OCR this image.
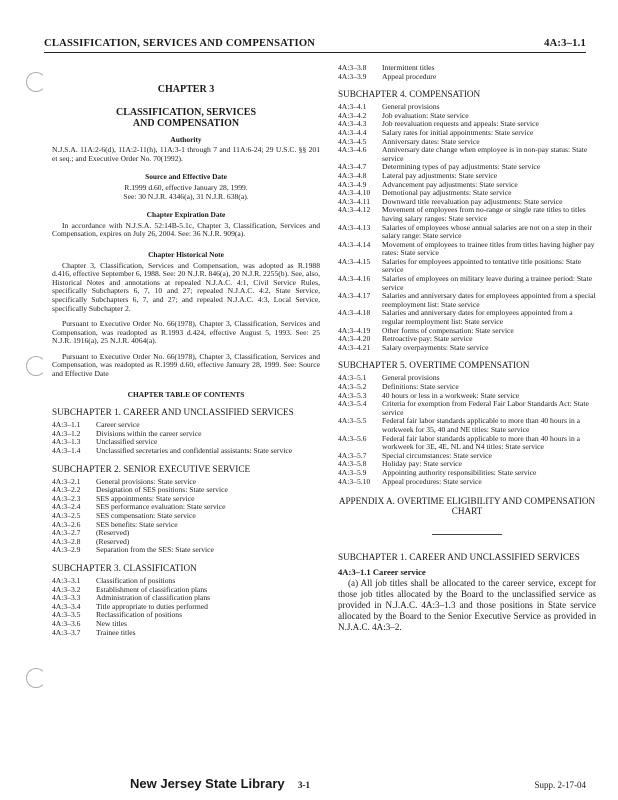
CLASSIFICATION, SERVICES AND COMPENSATION	4A:3–1.1
CHAPTER 3
CLASSIFICATION, SERVICES
AND COMPENSATION
Authority

N.J.S.A. 11A:2-6(d), 11A:2-11(h), 11A:3-1 through 7 and 11A:6-24; 29 U.S.C. §§ 201 et seq.; and Executive Order No. 70(1992).

Source and Effective Date
R.1999 d.60, effective January 28, 1999.
See: 30 N.J.R. 4346(a), 31 N.J.R. 638(a).
Chapter Expiration Date

In accordance with N.J.S.A. 52:14B-5.1c, Chapter 3, Classification, Services and Compensation, expires on July 26, 2004. See: 36 N.J.R. 909(a).

Chapter Historical Note

Chapter 3, Classification, Services and Compensation, was adopted as R.1988 d.416, effective September 6, 1988. See: 20 N.J.R. 846(a), 20 N.J.R. 2255(b). See, also, Historical Notes and annotations at repealed N.J.A.C. 4:1, Civil Service Rules, specifically Subchapters 6, 7, 10 and 27; repealed N.J.A.C. 4:2, State Service, specifically Subchapters 6, 7, and 27; and repealed N.J.A.C. 4:3, Local Service, specifically Subchapter 2.

Pursuant to Executive Order No. 66(1978), Chapter 3, Classification, Services and Compensation, was readopted as R.1993 d.424, effective August 5, 1993. See: 25 N.J.R. 1916(a), 25 N.J.R. 4064(a).

Pursuant to Executive Order No. 66(1978), Chapter 3, Classification, Services and Compensation, was readopted as R.1999 d.60, effective January 28, 1999. See: Source and Effective Date

CHAPTER TABLE OF CONTENTS
SUBCHAPTER 1. CAREER AND UNCLASSIFIED SERVICES
4A:3–1.1	Career service
4A:3–1.2	Divisions within the career service
4A:3–1.3	Unclassified service
4A:3–1.4	Unclassified secretaries and confidential assistants: State service
SUBCHAPTER 2. SENIOR EXECUTIVE SERVICE
4A:3–2.1	General provisions: State service
4A:3–2.2	Designation of SES positions: State service
4A:3–2.3	SES appointments: State service
4A:3–2.4	SES performance evaluation: State service
4A:3–2.5	SES compensation: State service
4A:3–2.6	SES benefits: State service
4A:3–2.7	(Reserved)
4A:3–2.8	(Reserved)
4A:3–2.9	Separation from the SES: State service
SUBCHAPTER 3. CLASSIFICATION
4A:3–3.1	Classification of positions
4A:3–3.2	Establishment of classification plans
4A:3–3.3	Administration of classification plans
4A:3–3.4	Title appropriate to duties performed
4A:3–3.5	Reclassification of positions
4A:3–3.6	New titles
4A:3–3.7	Trainee titles
4A:3–3.8	Intermittent titles
4A:3–3.9	Appeal procedure
SUBCHAPTER 4. COMPENSATION
4A:3–4.1	General provisions
4A:3–4.2	Job evaluation: State service
4A:3–4.3	Job reevaluation requests and appeals: State service
4A:3–4.4	Salary rates for initial appointments: State service
4A:3–4.5	Anniversary dates: State service
4A:3–4.6	Anniversary date change when employee is in non-pay status: State service
4A:3–4.7	Determining types of pay adjustments: State service
4A:3–4.8	Lateral pay adjustments: State service
4A:3–4.9	Advancement pay adjustments: State service
4A:3–4.10	Demotional pay adjustments: State service
4A:3–4.11	Downward title reevaluation pay adjustments: State service
4A:3–4.12	Movement of employees from no-range or single rate titles to titles having salary ranges: State service
4A:3–4.13	Salaries of employees whose annual salaries are not on a step in their salary range: State service
4A:3–4.14	Movement of employees to trainee titles from titles having higher pay rates: State service
4A:3–4.15	Salaries for employees appointed to tentative title positions: State service
4A:3–4.16	Salaries of employees on military leave during a trainee period: State service
4A:3–4.17	Salaries and anniversary dates for employees appointed from a special reemployment list: State service
4A:3–4.18	Salaries and anniversary dates for employees appointed from a regular reemployment list: State service
4A:3–4.19	Other forms of compensation: State service
4A:3–4.20	Retroactive pay: State service
4A:3–4.21	Salary overpayments: State service
SUBCHAPTER 5. OVERTIME COMPENSATION
4A:3–5.1	General provisions
4A:3–5.2	Definitions: State service
4A:3–5.3	40 hours or less in a workweek: State service
4A:3–5.4	Criteria for exemption from Federal Fair Labor Standards Act: State service
4A:3–5.5	Federal fair labor standards applicable to more than 40 hours in a workweek for 35, 40 and NE titles: State service
4A:3–5.6	Federal fair labor standards applicable to more than 40 hours in a workweek for 3E, 4E, NL and N4 titles: State service
4A:3–5.7	Special circumstances: State service
4A:3–5.8	Holiday pay: State service
4A:3–5.9	Appointing authority responsibilities: State service
4A:3–5.10	Appeal procedures: State service
APPENDIX A. OVERTIME ELIGIBILITY AND COMPENSATION CHART
SUBCHAPTER 1. CAREER AND UNCLASSIFIED SERVICES
4A:3–1.1 Career service

(a) All job titles shall be allocated to the career service, except for those job titles allocated by the Board to the unclassified service as provided in N.J.A.C. 4A:3–1.3 and those positions in State service allocated by the Board to the Senior Executive Service as provided in N.J.A.C. 4A:3–2.

New Jersey State Library 3-1	Supp. 2-17-04
